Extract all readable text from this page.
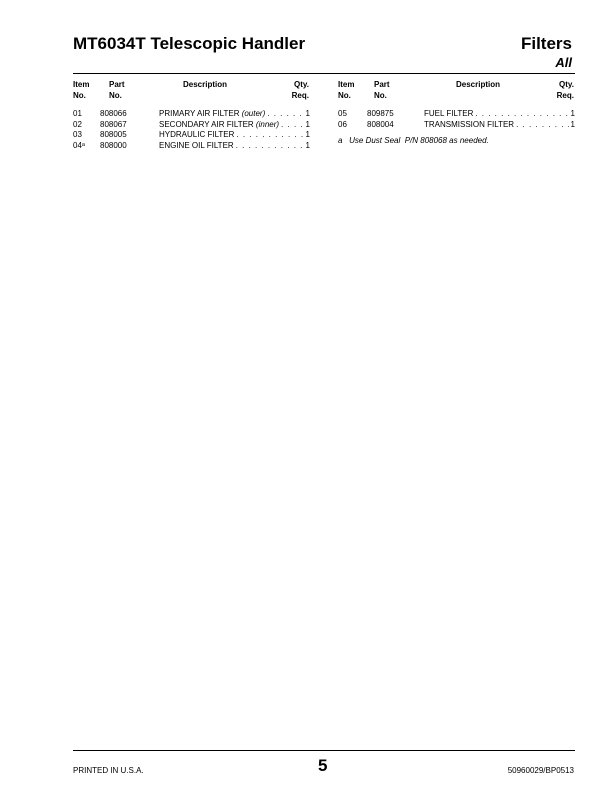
MT6034T Telescopic Handler	Filters
All
Item
No.
Part
No.
Description	Qty.
Req.
Item
No.
Part
No.
Description	Qty.
Req.
01 808066	PRIMARY AIR FILTER (outer) . . .	1
02 808067	SECONDARY AIR FILTER (inner) . . .	1
03 808005	HYDRAULIC FILTER . . .	1
04$^a$ 808000	ENGINE OIL FILTER . . .	1
05	809875	FUEL FILTER . . .	1
06	808004	TRANSMISSION FILTER . . .	1
a   Use Dust Seal  P/N 808068 as needed.
PRINTED IN U.S.A.	5	50960029/BP0513
